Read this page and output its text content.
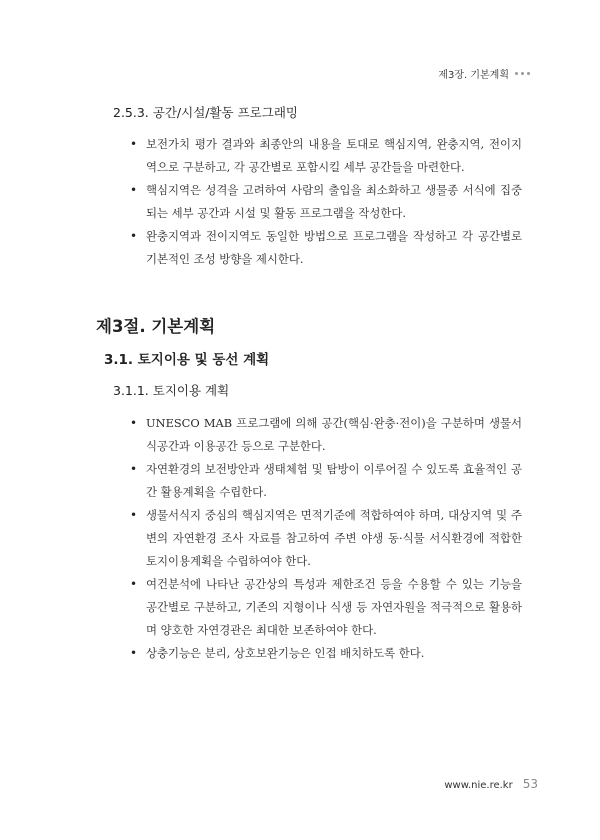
제3장. 기본계획
2.5.3. 공간/시설/활동 프로그래밍
• 보전가치 평가 결과와 최종안의 내용을 토대로 핵심지역, 완충지역, 전이지역으로 구분하고, 각 공간별로 포함시킬 세부 공간들을 마련한다.
• 핵심지역은 성격을 고려하여 사람의 출입을 최소화하고 생물종 서식에 집중되는 세부 공간과 시설 및 활동 프로그램을 작성한다.
• 완충지역과 전이지역도 동일한 방법으로 프로그램을 작성하고 각 공간별로 기본적인 조성 방향을 제시한다.
제3절. 기본계획
3.1. 토지이용 및 동선 계획
3.1.1. 토지이용 계획
• UNESCO MAB 프로그램에 의해 공간(핵심·완충·전이)을 구분하며 생물서식공간과 이용공간 등으로 구분한다.
• 자연환경의 보전방안과 생태체험 및 탐방이 이루어질 수 있도록 효율적인 공간 활용계획을 수립한다.
• 생물서식지 중심의 핵심지역은 면적기준에 적합하여야 하며, 대상지역 및 주변의 자연환경 조사 자료를 참고하여 주변 야생 동·식물 서식환경에 적합한 토지이용계획을 수립하여야 한다.
• 여건분석에 나타난 공간상의 특성과 제한조건 등을 수용할 수 있는 기능을 공간별로 구분하고, 기존의 지형이나 식생 등 자연자원을 적극적으로 활용하며 양호한 자연경관은 최대한 보존하여야 한다.
• 상충기능은 분리, 상호보완기능은 인접 배치하도록 한다.
www.nie.re.kr 53
